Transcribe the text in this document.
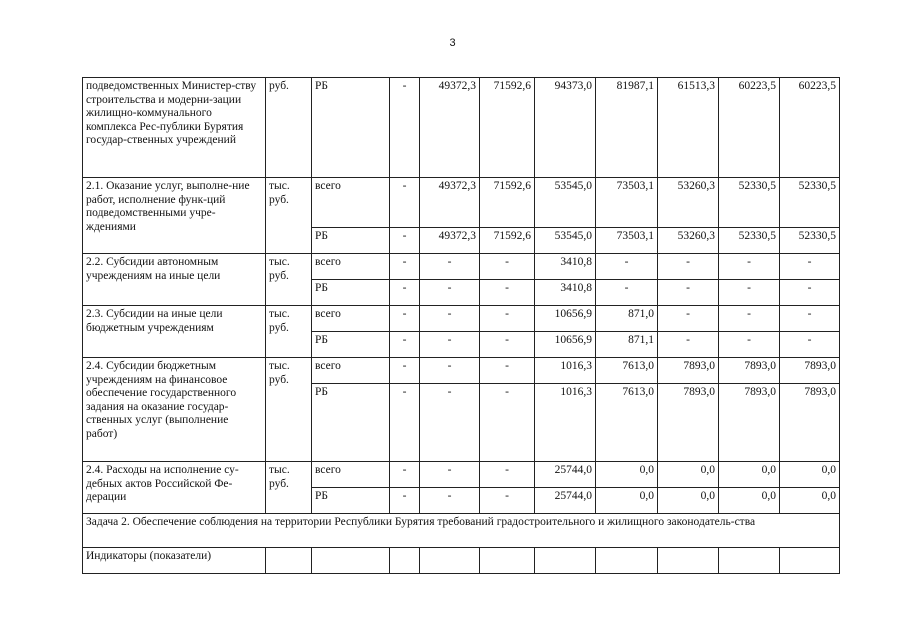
3
подведомственных Министер-ству строительства и модерни-зации жилищно-коммунального комплекса Рес-публики Бурятия государ-ственных учреждений	руб.	РБ	-	49372,3	71592,6	94373,0	81987,1	61513,3	60223,5	60223,5
2.1. Оказание услуг, выполне-ние работ, исполнение функ-ций подведомственными учре-ждениями	тыс. руб.	всего	-	49372,3	71592,6	53545,0	73503,1	53260,3	52330,5	52330,5
		РБ	-	49372,3	71592,6	53545,0	73503,1	53260,3	52330,5	52330,5
2.2. Субсидии автономным учреждениям на иные цели	тыс. руб.	всего	-	-	-	3410,8	-	-	-	-
		РБ	-	-	-	3410,8	-	-	-	-
2.3. Субсидии на иные цели бюджетным учреждениям	тыс. руб.	всего	-	-	-	10656,9	871,0	-	-	-
		РБ	-	-	-	10656,9	871,1	-	-	-
2.4. Субсидии бюджетным учреждениям на финансовое обеспечение государственного задания на оказание государ-ственных услуг (выполнение работ)	тыс. руб.	всего	-	-	-	1016,3	7613,0	7893,0	7893,0	7893,0
		РБ	-	-	-	1016,3	7613,0	7893,0	7893,0	7893,0
2.4. Расходы на исполнение су-дебных актов Российской Фе-дерации	тыс. руб.	всего	-	-	-	25744,0	0,0	0,0	0,0	0,0
		РБ	-	-	-	25744,0	0,0	0,0	0,0	0,0
Задача 2. Обеспечение соблюдения на территории Республики Бурятия требований градостроительного и жилищного законодатель-ства										
Индикаторы (показатели)										
